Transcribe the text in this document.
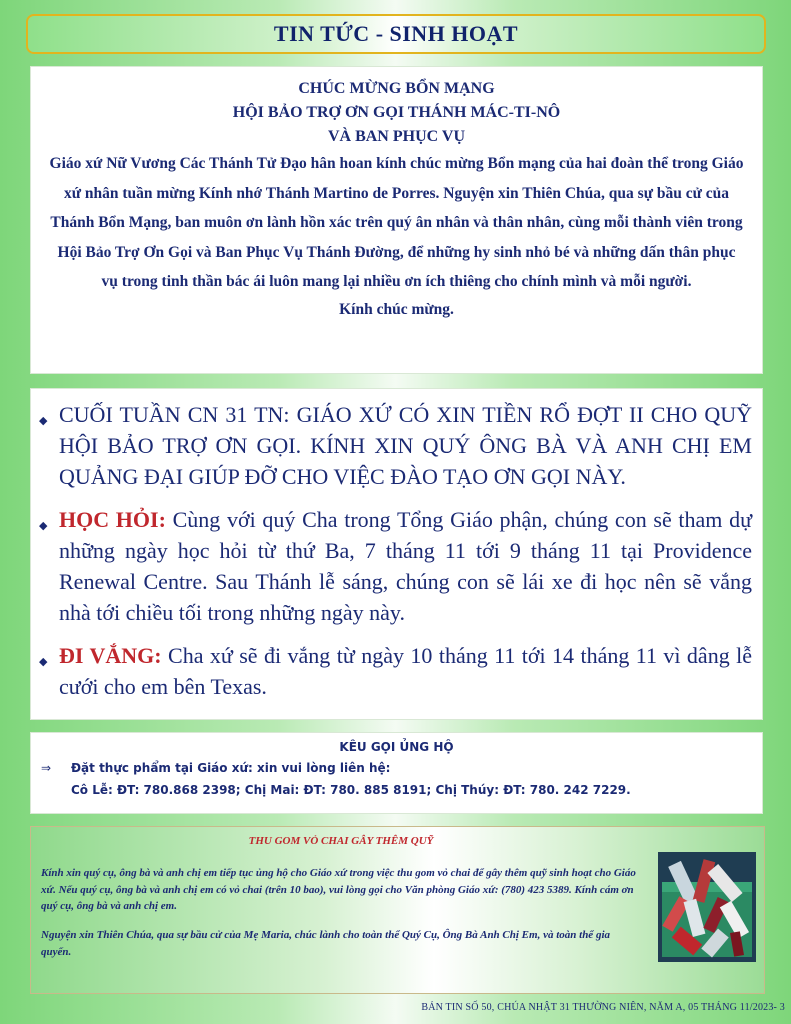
TIN TỨC - SINH HOẠT
CHÚC MỪNG BỔN MẠNG
HỘI BẢO TRỢ ƠN GỌI THÁNH MÁC-TI-NÔ
VÀ BAN PHỤC VỤ

Giáo xứ Nữ Vương Các Thánh Tử Đạo hân hoan kính chúc mừng Bổn mạng của hai đoàn thể trong Giáo xứ nhân tuần mừng Kính nhớ Thánh Martino de Porres. Nguyện xin Thiên Chúa, qua sự bầu cử của Thánh Bổn Mạng, ban muôn ơn lành hồn xác trên quý ân nhân và thân nhân, cùng mỗi thành viên trong Hội Bảo Trợ Ơn Gọi và Ban Phục Vụ Thánh Đường, để những hy sinh nhỏ bé và những dấn thân phục vụ trong tinh thần bác ái luôn mang lại nhiều ơn ích thiêng cho chính mình và mỗi người.

Kính chúc mừng.
◆ CUỐI TUẦN CN 31 TN: GIÁO XỨ CÓ XIN TIỀN RỔ ĐỢT II CHO QUỸ HỘI BẢO TRỢ ƠN GỌI. KÍNH XIN QUÝ ÔNG BÀ VÀ ANH CHỊ EM QUẢNG ĐẠI GIÚP ĐỠ CHO VIỆC ĐÀO TẠO ƠN GỌI NÀY.

◆ HỌC HỎI: Cùng với quý Cha trong Tổng Giáo phận, chúng con sẽ tham dự những ngày học hỏi từ thứ Ba, 7 tháng 11 tới 9 tháng 11 tại Providence Renewal Centre. Sau Thánh lễ sáng, chúng con sẽ lái xe đi học nên sẽ vắng nhà tới chiều tối trong những ngày này.

◆ ĐI VẮNG: Cha xứ sẽ đi vắng từ ngày 10 tháng 11 tới 14 tháng 11 vì dâng lễ cưới cho em bên Texas.

KÊU GỌI ỦNG HỘ
⇒	Đặt thực phẩm tại Giáo xứ: xin vui lòng liên hệ:
Cô Lễ: ĐT: 780.868 2398; Chị Mai: ĐT: 780. 885 8191; Chị Thúy: ĐT: 780. 242 7229.
THU GOM VỎ CHAI GÂY THÊM QUỸ

Kính xin quý cụ, ông bà và anh chị em tiếp tục ủng hộ cho Giáo xứ trong việc thu gom vỏ chai để gây thêm quỹ sinh hoạt cho Giáo xứ. Nếu quý cụ, ông bà và anh chị em có vỏ chai (trên 10 bao), vui lòng gọi cho Văn phòng Giáo xứ: (780) 423 5389. Kính cám ơn quý cụ, ông bà và anh chị em.

Nguyện xin Thiên Chúa, qua sự bầu cử của Mẹ Maria, chúc lành cho toàn thể Quý Cụ, Ông Bà Anh Chị Em, và toàn thể gia quyến.

BẢN TIN SỐ 50, CHÚA NHẬT 31 THƯỜNG NIÊN, NĂM A, 05 THÁNG 11/2023- 3
